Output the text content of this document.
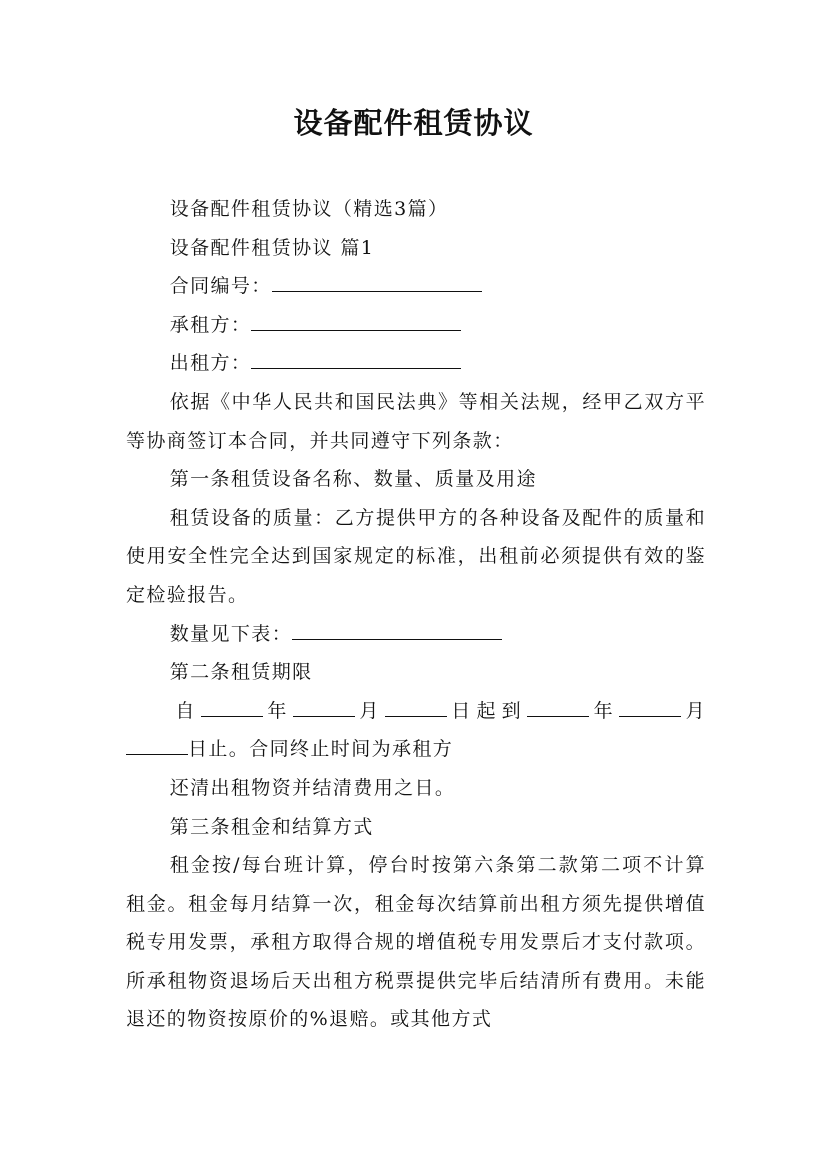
设备配件租赁协议

设备配件租赁协议（精选3篇）

设备配件租赁协议 篇1

合同编号：

承租方：

出租方：

依据《中华人民共和国民法典》等相关法规，经甲乙双方平等协商签订本合同，并共同遵守下列条款：

第一条租赁设备名称、数量、质量及用途

租赁设备的质量：乙方提供甲方的各种设备及配件的质量和使用安全性完全达到国家规定的标准，出租前必须提供有效的鉴定检验报告。

数量见下表：

第二条租赁期限

自	年	月	日起到	年	月日止。合同终止时间为承租方

还清出租物资并结清费用之日。

第三条租金和结算方式

租金按/每台班计算，停台时按第六条第二款第二项不计算租金。租金每月结算一次，租金每次结算前出租方须先提供增值税专用发票，承租方取得合规的增值税专用发票后才支付款项。所承租物资退场后天出租方税票提供完毕后结清所有费用。未能退还的物资按原价的%退赔。或其他方式
